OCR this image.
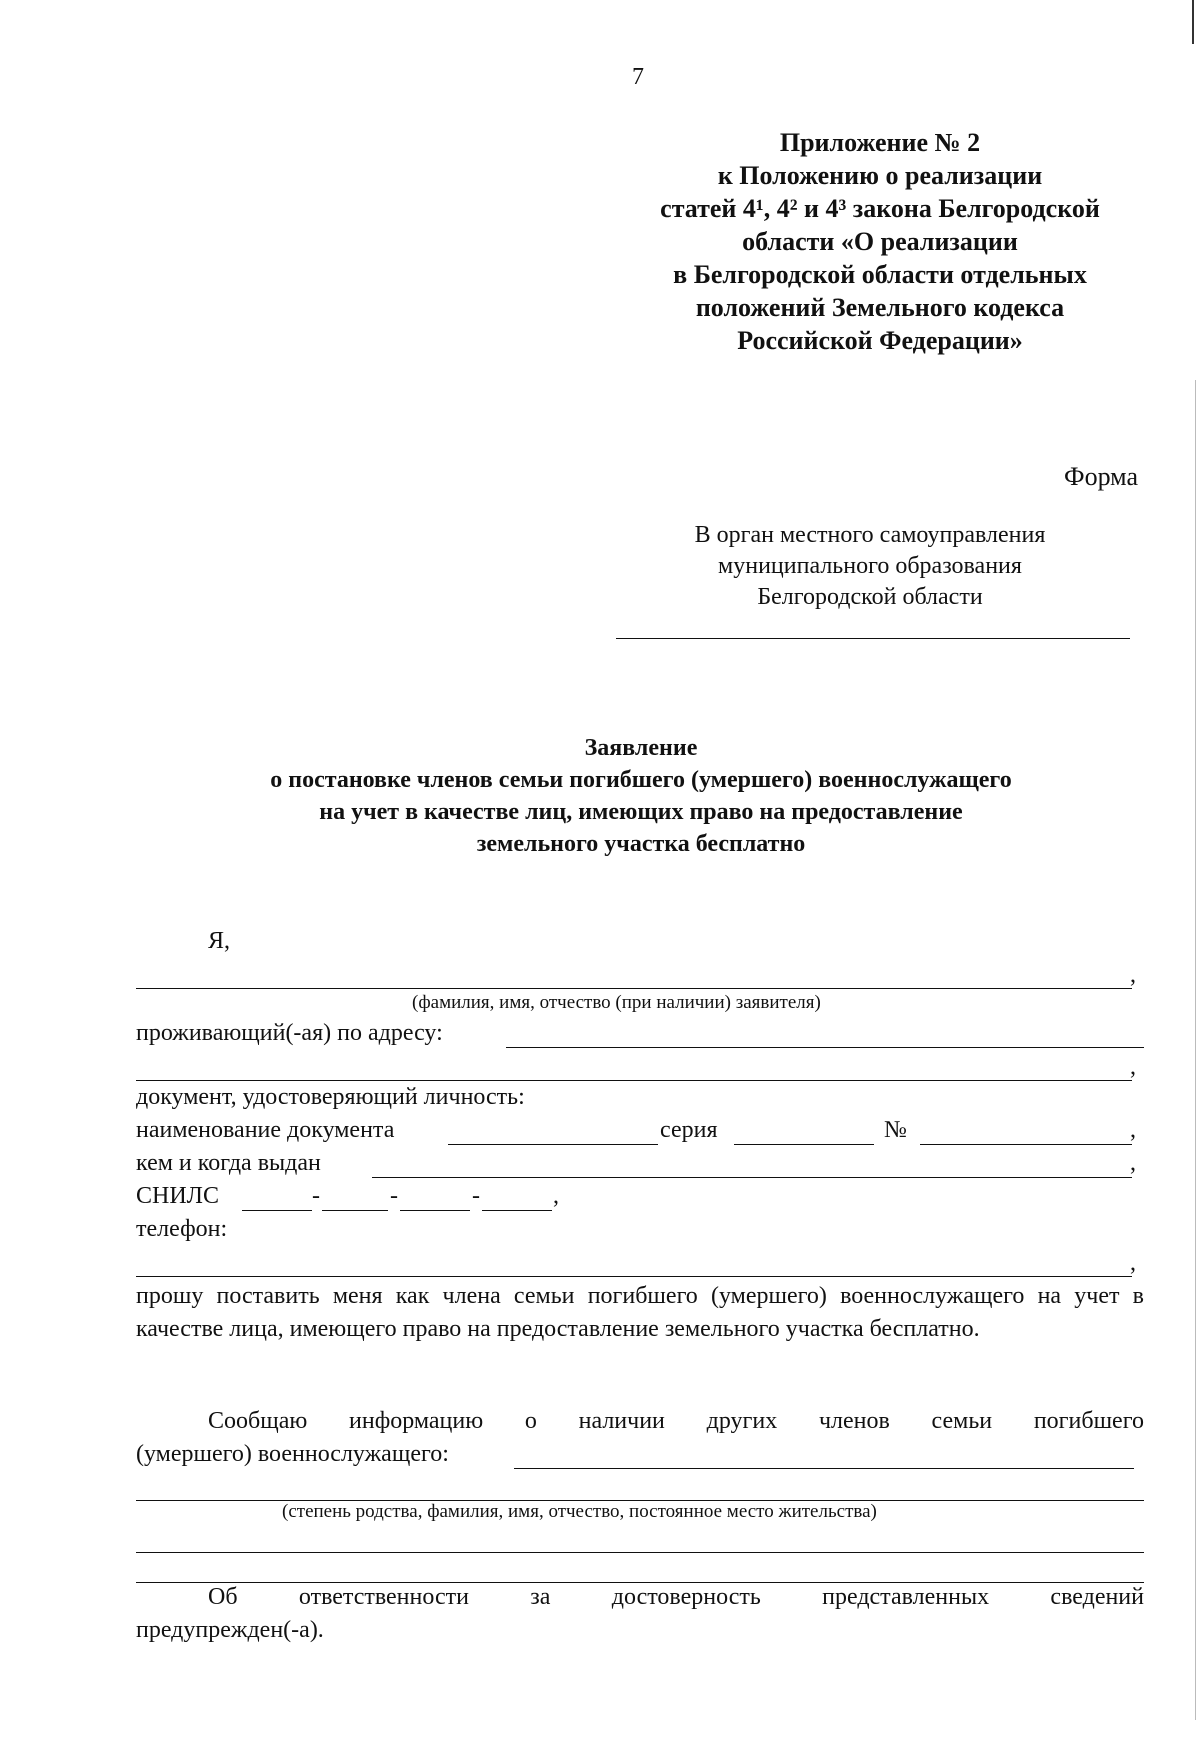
7
Приложение № 2
к Положению о реализации
статей 4¹, 4² и 4³ закона Белгородской
области «О реализации
в Белгородской области отдельных
положений Земельного кодекса
Российской Федерации»
Форма
В орган местного самоуправления
муниципального образования
Белгородской области
Заявление
о постановке членов семьи погибшего (умершего) военнослужащего
на учет в качестве лиц, имеющих право на предоставление
земельного участка бесплатно
Я,
,
(фамилия, имя, отчество (при наличии) заявителя)
проживающий(-ая) по адресу:
,
документ, удостоверяющий личность:
наименование документа	серия	№	,
кем и когда выдан	,
СНИЛС	-	-	-	,
телефон:
,
прошу поставить меня как члена семьи погибшего (умершего) военнослужащего на учет в качестве лица, имеющего право на предоставление земельного участка бесплатно.
Сообщаю информацию о наличии других членов семьи погибшего
(умершего) военнослужащего:
(степень родства, фамилия, имя, отчество, постоянное место жительства)
Об	ответственности	за	достоверность	представленных	сведений
предупрежден(-а).
